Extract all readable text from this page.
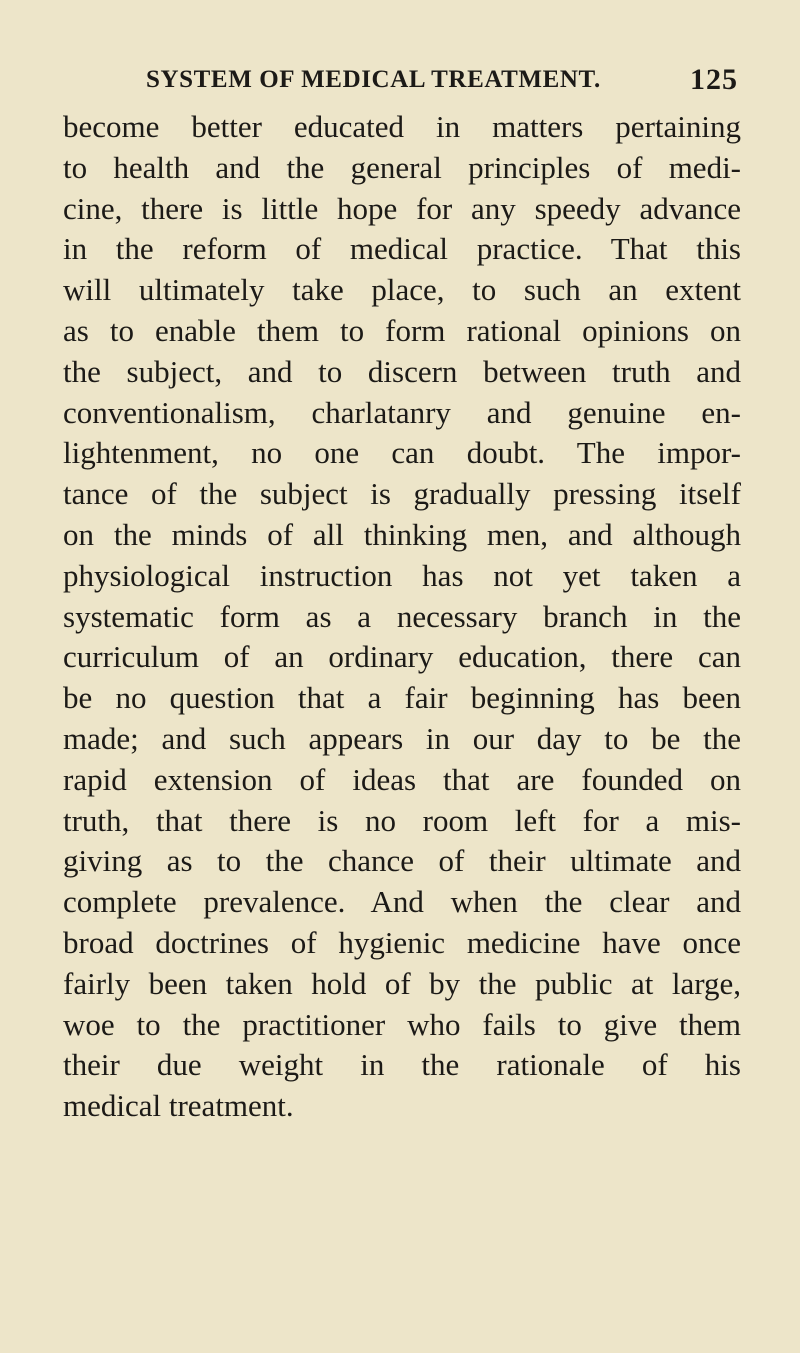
SYSTEM OF MEDICAL TREATMENT.	125
become better educated in matters pertaining
to health and the general principles of medi-
cine, there is little hope for any speedy advance
in the reform of medical practice. That this
will ultimately take place, to such an extent
as to enable them to form rational opinions on
the subject, and to discern between truth and
conventionalism, charlatanry and genuine en-
lightenment, no one can doubt. The impor-
tance of the subject is gradually pressing itself
on the minds of all thinking men, and although
physiological instruction has not yet taken a
systematic form as a necessary branch in the
curriculum of an ordinary education, there can
be no question that a fair beginning has been
made; and such appears in our day to be the
rapid extension of ideas that are founded on
truth, that there is no room left for a mis-
giving as to the chance of their ultimate and
complete prevalence. And when the clear and
broad doctrines of hygienic medicine have once
fairly been taken hold of by the public at large,
woe to the practitioner who fails to give them
their due weight in the rationale of his
medical treatment.
